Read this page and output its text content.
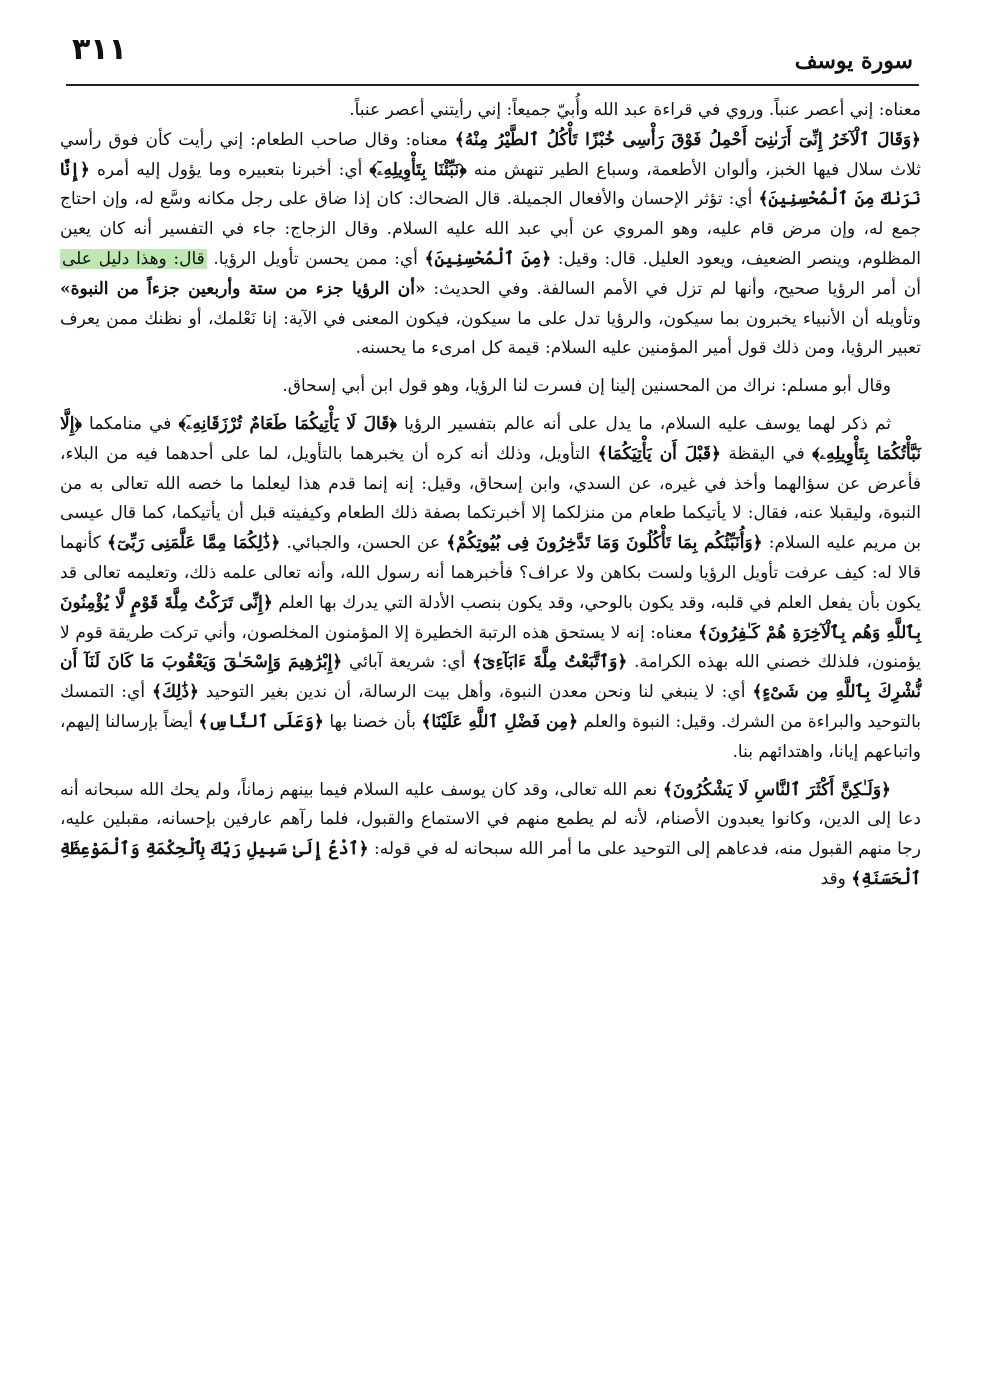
٣١١	سورة يوسف

معناه: إني أعصر عنباً. وروي في قراءة عبد الله وأُبيّ جميعاً: إني رأيتني أعصر عنباً.

﴿وَقَالَ ٱلْآخَرُ إِنِّىٓ أَرَىٰنِىٓ أَحْمِلُ فَوْقَ رَأْسِى خُبْزًا تَأْكُلُ ٱلطَّيْرُ مِنْهُ﴾ معناه: وقال صاحب الطعام: إني رأيت كأن فوق رأسي ثلاث سلال فيها الخبز، وألوان الأطعمة، وسباع الطير تنهش منه ﴿نَبِّئْنَا بِتَأْوِيلِهِۦٓ﴾ أي: أخبرنا بتعبيره وما يؤول إليه أمره ﴿إِنَّا نَرَىٰكَ مِنَ ٱلْمُحْسِنِينَ﴾ أي: تؤثر الإحسان والأفعال الجميلة. قال الضحاك: كان إذا ضاق على رجل مكانه وسَّع له، وإن احتاج جمع له، وإن مرض قام عليه، وهو المروي عن أبي عبد الله عليه السلام. وقال الزجاج: جاء في التفسير أنه كان يعين المظلوم، وينصر الضعيف، ويعود العليل. قال: وقيل: ﴿مِنَ ٱلْمُحْسِنِينَ﴾ أي: ممن يحسن تأويل الرؤيا. قال: وهذا دليل على أن أمر الرؤيا صحيح، وأنها لم تزل في الأمم السالفة. وفي الحديث: «أن الرؤيا جزء من ستة وأربعين جزءاً من النبوة» وتأويله أن الأنبياء يخبرون بما سيكون، والرؤيا تدل على ما سيكون، فيكون المعنى في الآية: إنا نَعْلمك، أو نظنك ممن يعرف تعبير الرؤيا، ومن ذلك قول أمير المؤمنين عليه السلام: قيمة كل امرىء ما يحسنه.

وقال أبو مسلم: نراك من المحسنين إلينا إن فسرت لنا الرؤيا، وهو قول ابن أبي إسحاق.

ثم ذكر لهما يوسف عليه السلام، ما يدل على أنه عالم بتفسير الرؤيا ﴿قَالَ لَا يَأْتِيكُمَا طَعَامٌ تُرْزَقَانِهِۦٓ﴾ في منامكما ﴿إِلَّا نَبَّأْتُكُمَا بِتَأْوِيلِهِۦ﴾ في اليقظة ﴿قَبْلَ أَن يَأْتِيَكُمَا﴾ التأويل، وذلك أنه كره أن يخبرهما بالتأويل، لما على أحدهما فيه من البلاء، فأعرض عن سؤالهما وأخذ في غيره، عن السدي، وابن إسحاق، وقيل: إنه إنما قدم هذا ليعلما ما خصه الله تعالى به من النبوة، وليقبلا عنه، فقال: لا يأتيكما طعام من منزلكما إلا أخبرتكما بصفة ذلك الطعام وكيفيته قبل أن يأتيكما، كما قال عيسى بن مريم عليه السلام: ﴿وَأُنَبِّئُكُم بِمَا تَأْكُلُونَ وَمَا تَدَّخِرُونَ فِى بُيُوتِكُمْ﴾ عن الحسن، والجبائي. ﴿ذَٰلِكُمَا مِمَّا عَلَّمَنِى رَبِّىٓ﴾ كأنهما قالا له: كيف عرفت تأويل الرؤيا ولست بكاهن ولا عراف؟ فأخبرهما أنه رسول الله، وأنه تعالى علمه ذلك، وتعليمه تعالى قد يكون بأن يفعل العلم في قلبه، وقد يكون بالوحي، وقد يكون بنصب الأدلة التي يدرك بها العلم ﴿إِنِّى تَرَكْتُ مِلَّةَ قَوْمٍ لَّا يُؤْمِنُونَ بِٱللَّهِ وَهُم بِٱلْآخِرَةِ هُمْ كَـٰفِرُونَ﴾ معناه: إنه لا يستحق هذه الرتبة الخطيرة إلا المؤمنون المخلصون، وأني تركت طريقة قوم لا يؤمنون، فلذلك خصني الله بهذه الكرامة. ﴿وَٱتَّبَعْتُ مِلَّةَ ءَابَآءِىٓ﴾ أي: شريعة آبائي ﴿إِبْرَٰهِيمَ وَإِسْحَـٰقَ وَيَعْقُوبَ مَا كَانَ لَنَآ أَن نُّشْرِكَ بِٱللَّهِ مِن شَىْءٍ﴾ أي: لا ينبغي لنا ونحن معدن النبوة، وأهل بيت الرسالة، أن ندين بغير التوحيد ﴿ذَٰلِكَ﴾ أي: التمسك بالتوحيد والبراءة من الشرك. وقيل: النبوة والعلم ﴿مِن فَضْلِ ٱللَّهِ عَلَيْنَا﴾ بأن خصنا بها ﴿وَعَلَى ٱلنَّاسِ﴾ أيضاً بإرسالنا إليهم، واتباعهم إيانا، واهتدائهم بنا.

﴿وَلَـٰكِنَّ أَكْثَرَ ٱلنَّاسِ لَا يَشْكُرُونَ﴾ نعم الله تعالى، وقد كان يوسف عليه السلام فيما بينهم زماناً، ولم يحك الله سبحانه أنه دعا إلى الدين، وكانوا يعبدون الأصنام، لأنه لم يطمع منهم في الاستماع والقبول، فلما رآهم عارفين بإحسانه، مقبلين عليه، رجا منهم القبول منه، فدعاهم إلى التوحيد على ما أمر الله سبحانه له في قوله: ﴿ٱدْعُ إِلَىٰ سَبِيلِ رَبِّكَ بِٱلْحِكْمَةِ وَٱلْمَوْعِظَةِ ٱلْحَسَنَةِ﴾ وقد
